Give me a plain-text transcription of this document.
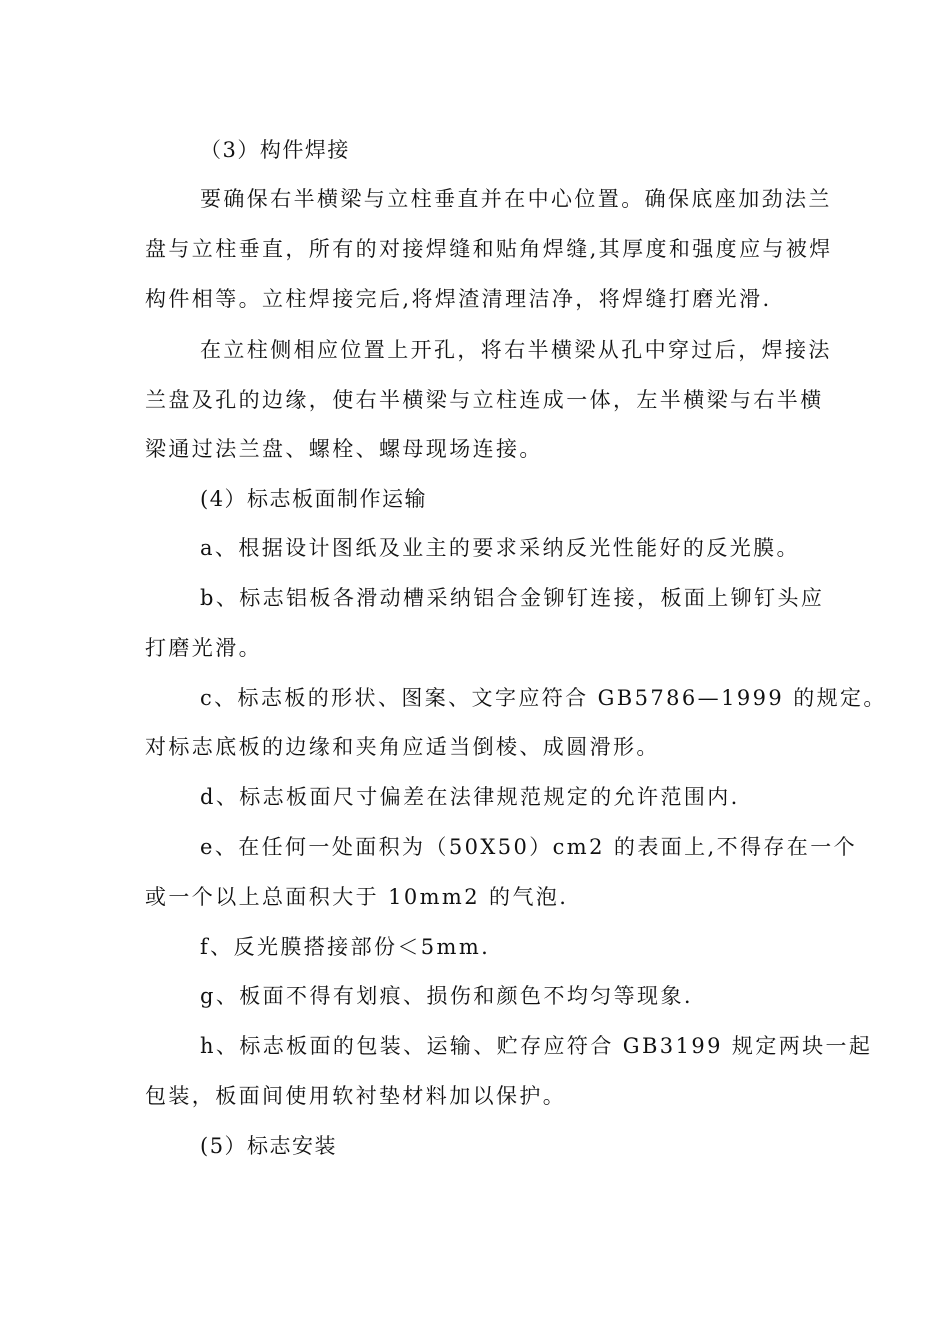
（3）构件焊接

要确保右半横梁与立柱垂直并在中心位置。确保底座加劲法兰

盘与立柱垂直，所有的对接焊缝和贴角焊缝,其厚度和强度应与被焊

构件相等。立柱焊接完后,将焊渣清理洁净，将焊缝打磨光滑.

在立柱侧相应位置上开孔，将右半横梁从孔中穿过后，焊接法

兰盘及孔的边缘，使右半横梁与立柱连成一体，左半横梁与右半横

梁通过法兰盘、螺栓、螺母现场连接。

(4）标志板面制作运输

a、根据设计图纸及业主的要求采纳反光性能好的反光膜。

b、标志铝板各滑动槽采纳铝合金铆钉连接，板面上铆钉头应

打磨光滑。

c、标志板的形状、图案、文字应符合 GB5786—1999 的规定。

对标志底板的边缘和夹角应适当倒棱、成圆滑形。

d、标志板面尺寸偏差在法律规范规定的允许范围内.

e、在任何一处面积为（50X50）cm2 的表面上,不得存在一个

或一个以上总面积大于 10mm2 的气泡.

f、反光膜搭接部份＜5mm.

g、板面不得有划痕、损伤和颜色不均匀等现象.

h、标志板面的包装、运输、贮存应符合 GB3199 规定两块一起

包装，板面间使用软衬垫材料加以保护。

(5）标志安装
